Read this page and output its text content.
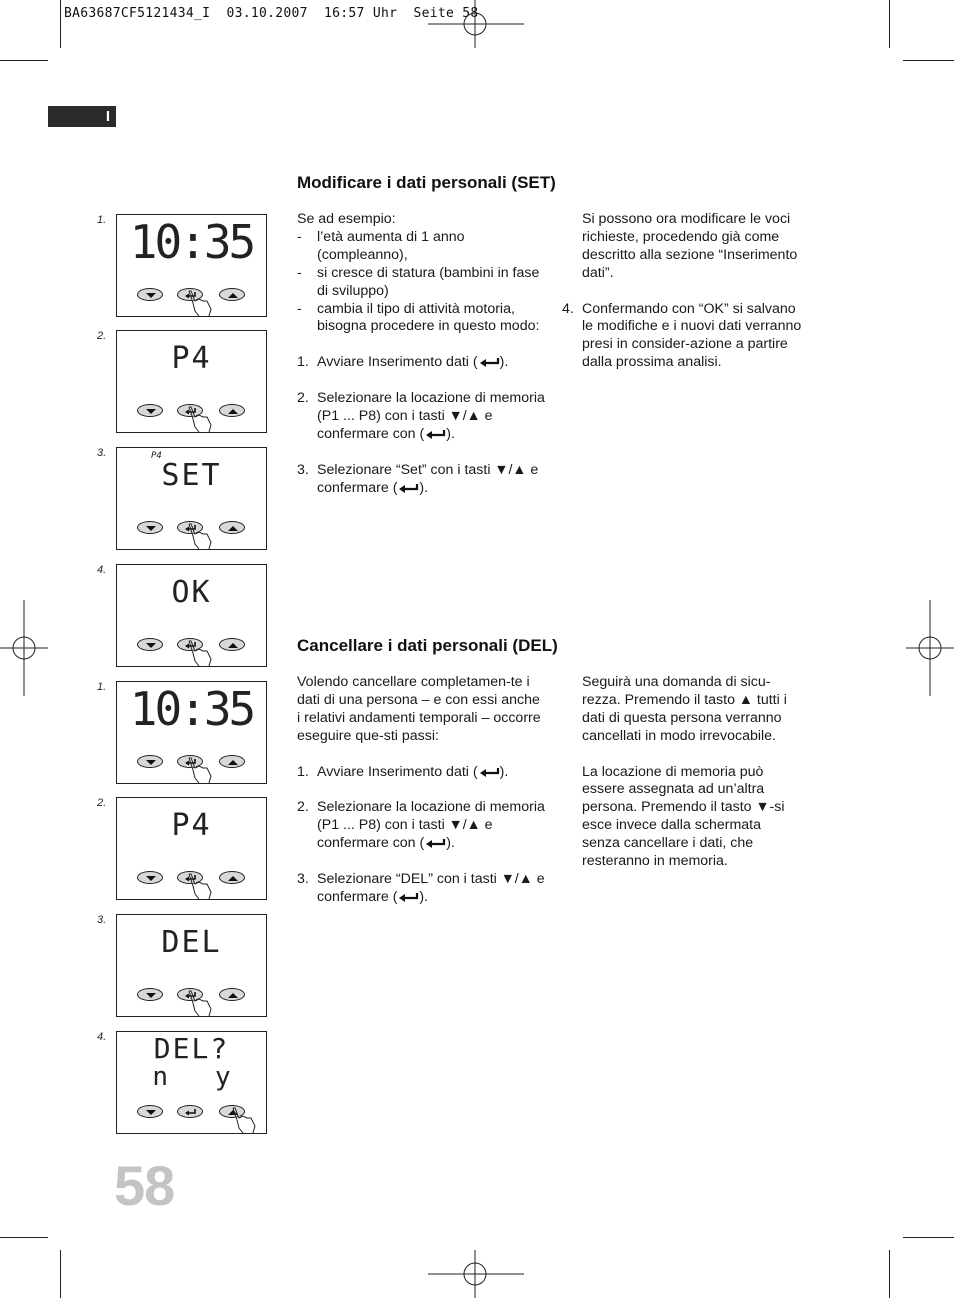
BA63687CF5121434_I  03.10.2007  16:57 Uhr  Seite 58
I
Modificare i dati personali (SET)

Se ad esempio:

-	l’età aumenta di 1 anno (compleanno),
-	si cresce di statura (bambini in fase di sviluppo)
-	cambia il tipo di attività motoria, bisogna procedere in questo modo:
1. Avviare Inserimento dati ( ).
2. Selezionare la locazione di memoria (P1 ... P8) con i tasti ▼/▲ e confermare con ( ).
3. Selezionare “Set” con i tasti ▼/▲ e confermare ( ).
Si possono ora modificare le voci richieste, procedendo già come descritto alla sezione “Inserimento dati”.
4. Confermando con “OK” si salvano le modifiche e i nuovi dati verranno presi in consider-azione a partire dalla prossima analisi.
Cancellare i dati personali (DEL)

Volendo cancellare completamen-te i dati di una persona – e con essi anche i relativi andamenti temporali – occorre eseguire que-sti passi:

1. Avviare Inserimento dati ( ).
2. Selezionare la locazione di memoria (P1 ... P8) con i tasti ▼/▲ e confermare con ( ).
3. Selezionare “DEL” con i tasti ▼/▲ e confermare ( ).

Seguirà una domanda di sicu-rezza. Premendo il tasto ▲ tutti i dati di questa persona verranno cancellati in modo irrevocabile.

La locazione di memoria può essere assegnata ad un’altra persona. Premendo il tasto ▼-si esce invece dalla schermata senza cancellare i dati, che resteranno in memoria.

1. 10:35
2.
P4
3.
SET
P4
4.
OK
1. 10:35
2.
P4
3.
DEL
4.	DEL?
n   y
58
